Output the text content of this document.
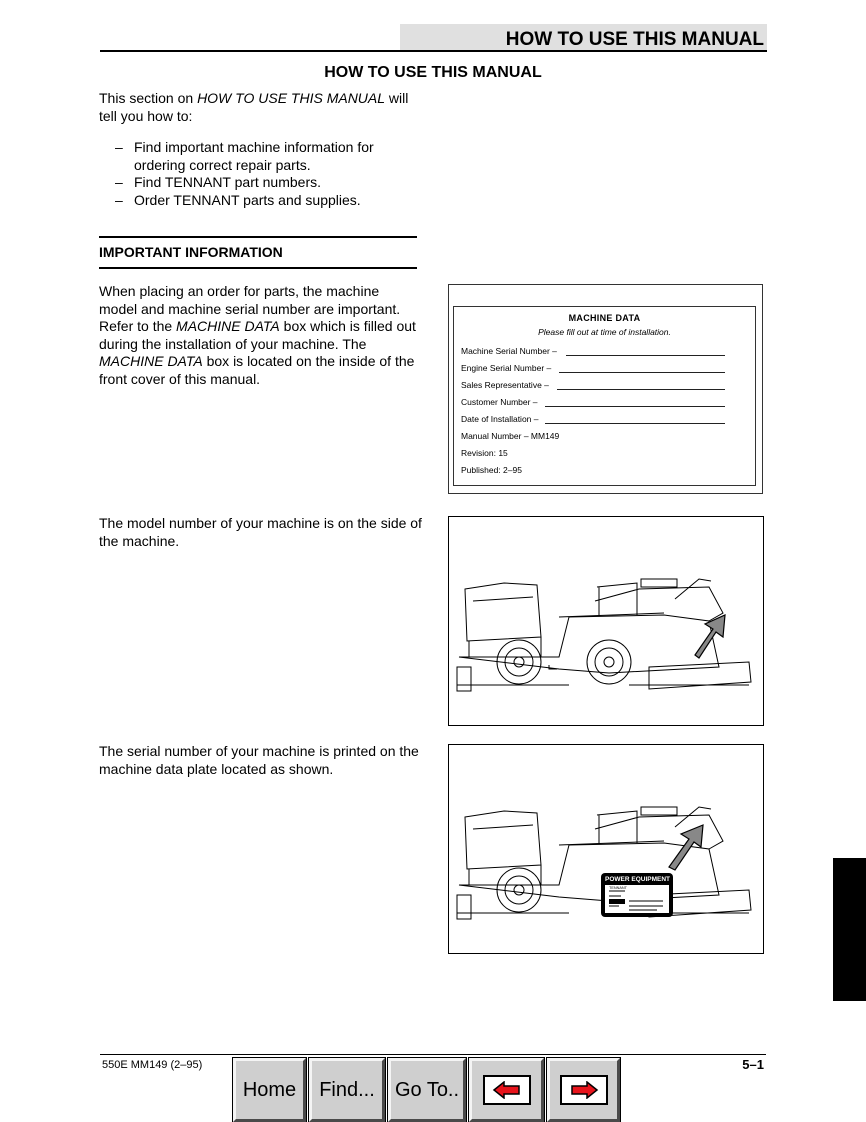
HOW TO USE THIS MANUAL
HOW TO USE THIS MANUAL
This section on HOW TO USE THIS MANUAL will tell you how to:
– Find important machine information for ordering correct repair parts.
– Find TENNANT part numbers.
– Order TENNANT parts and supplies.
IMPORTANT INFORMATION
When placing an order for parts, the machine model and machine serial number are important. Refer to the MACHINE DATA box which is filled out during the installation of your machine. The MACHINE DATA box is located on the inside of the front cover of this manual.
The model number of your machine is on the side of the machine.
The serial number of your machine is printed on the machine data plate located as shown.
MACHINE DATA
Please fill out at time of installation.
Machine Serial Number –
Engine Serial Number –
Sales Representative –
Customer Number –
Date of Installation –
Manual Number – MM149
Revision: 15
Published: 2–95
POWER EQUIPMENT
TENNANT
550E MM149 (2–95)	5–1
Home Find... Go To..
